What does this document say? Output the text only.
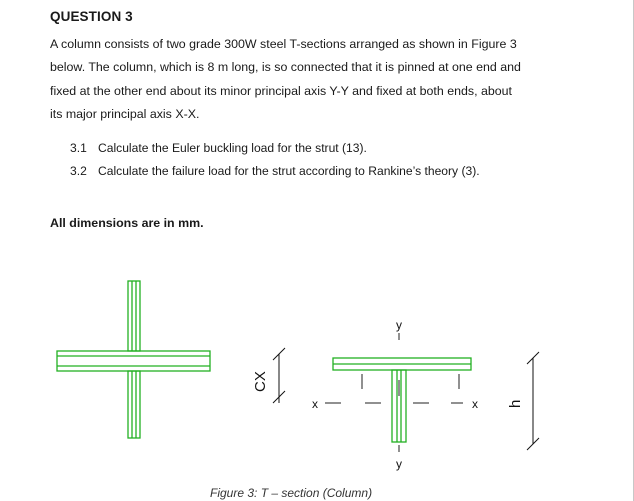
QUESTION 3
A column consists of two grade 300W steel T-sections arranged as shown in Figure 3
below. The column, which is 8 m long, is so connected that it is pinned at one end and
fixed at the other end about its minor principal axis Y-Y and fixed at both ends, about
its major principal axis X-X.
3.1 Calculate the Euler buckling load for the strut (13).
3.2 Calculate the failure load for the strut according to Rankine’s theory (3).
All dimensions are in mm.
CX
y
y
x	x h
Figure 3: T – section (Column)
